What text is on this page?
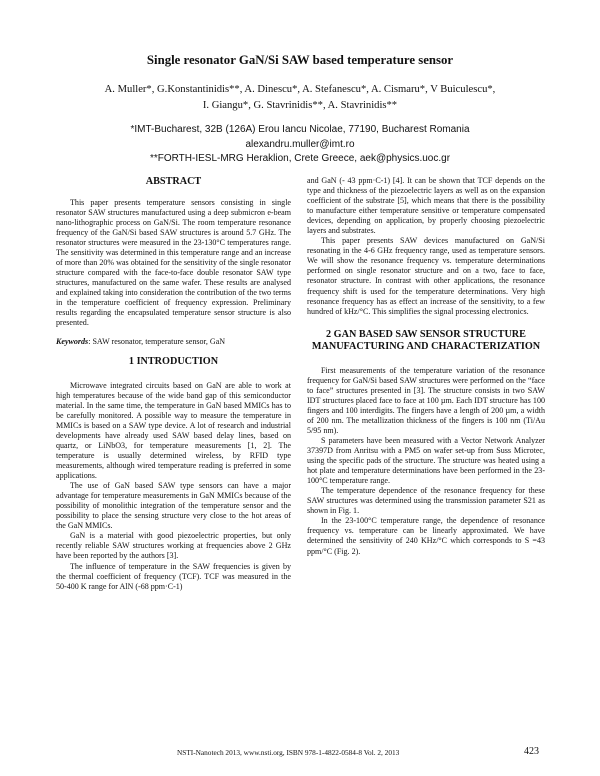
Single resonator GaN/Si SAW based temperature sensor
A. Muller*, G.Konstantinidis**, A. Dinescu*, A. Stefanescu*, A. Cismaru*, V Buiculescu*,
I. Giangu*, G. Stavrinidis**, A. Stavrinidis**
*IMT-Bucharest, 32B (126A) Erou Iancu Nicolae, 77190, Bucharest Romania
alexandru.muller@imt.ro
**FORTH-IESL-MRG Heraklion, Crete Greece, aek@physics.uoc.gr
ABSTRACT

This paper presents temperature sensors consisting in single resonator SAW structures manufactured using a deep submicron e-beam nano-lithographic process on GaN/Si. The room temperature resonance frequency of the GaN/Si based SAW structures is around 5.7 GHz. The resonator structures were measured in the 23-130°C temperatures range. The sensitivity was determined in this temperature range and an increase of more than 20% was obtained for the sensitivity of the single resonator structure compared with the face-to-face double resonator SAW type structures, manufactured on the same wafer. These results are analysed and explained taking into consideration the contribution of the two terms in the temperature coefficient of frequency expression. Preliminary results regarding the encapsulated temperature sensor structure is also presented.

Keywords: SAW resonator, temperature sensor, GaN

1 INTRODUCTION

Microwave integrated circuits based on GaN are able to work at high temperatures because of the wide band gap of this semiconductor material. In the same time, the temperature in GaN based MMICs has to be carefully monitored. A possible way to measure the temperature in MMICs is based on a SAW type device. A lot of research and industrial developments have already used SAW based delay lines, based on quartz, or LiNbO3, for temperature measurements [1, 2]. The temperature is usually determined wireless, by RFID type measurements, although wired temperature reading is preferred in some applications.

The use of GaN based SAW type sensors can have a major advantage for temperature measurements in GaN MMICs because of the possibility of monolithic integration of the temperature sensor and the possibility to place the sensing structure very close to the hot areas of the GaN MMICs.

GaN is a material with good piezoelectric properties, but only recently reliable SAW structures working at frequencies above 2 GHz have been reported by the authors [3].

The influence of temperature in the SAW frequencies is given by the thermal coefficient of frequency (TCF). TCF was measured in the 50-400 K range for AlN (-68 ppm·C-1)

and GaN (- 43 ppm·C-1) [4]. It can be shown that TCF depends on the type and thickness of the piezoelectric layers as well as on the expansion coefficient of the substrate [5], which means that there is the possibility to manufacture either temperature sensitive or temperature compensated devices, depending on application, by properly choosing piezoelectric layers and substrates.

This paper presents SAW devices manufactured on GaN/Si resonating in the 4-6 GHz frequency range, used as temperature sensors. We will show the resonance frequency vs. temperature determinations performed on single resonator structure and on a two, face to face, resonator structure. In contrast with other applications, the resonance frequency shift is used for the temperature determinations. Very high resonance frequency has as effect an increase of the sensitivity, to a few hundred of kHz/°C. This simplifies the signal processing electronics.

2 GAN BASED SAW SENSOR STRUCTURE MANUFACTURING AND CHARACTERIZATION

First measurements of the temperature variation of the resonance frequency for GaN/Si based SAW structures were performed on the “face to face” structures presented in [3]. The structure consists in two SAW IDT structures placed face to face at 100 µm. Each IDT structure has 100 fingers and 100 interdigits. The fingers have a length of 200 µm, a width of 200 nm. The metallization thickness of the fingers is 100 nm (Ti/Au 5/95 nm).

S parameters have been measured with a Vector Network Analyzer 37397D from Anritsu with a PM5 on wafer set-up from Suss Microtec, using the specific pads of the structure. The structure was heated using a hot plate and temperature determinations have been performed in the 23-100°C temperature range.

The temperature dependence of the resonance frequency for these SAW structures was determined using the transmission parameter S21 as shown in Fig. 1.

In the 23-100°C temperature range, the dependence of resonance frequency vs. temperature can be linearly approximated. We have determined the sensitivity of 240 KHz/°C which corresponds to S =43 ppm/°C (Fig. 2).

NSTI-Nanotech 2013, www.nsti.org, ISBN 978-1-4822-0584-8 Vol. 2, 2013	423
